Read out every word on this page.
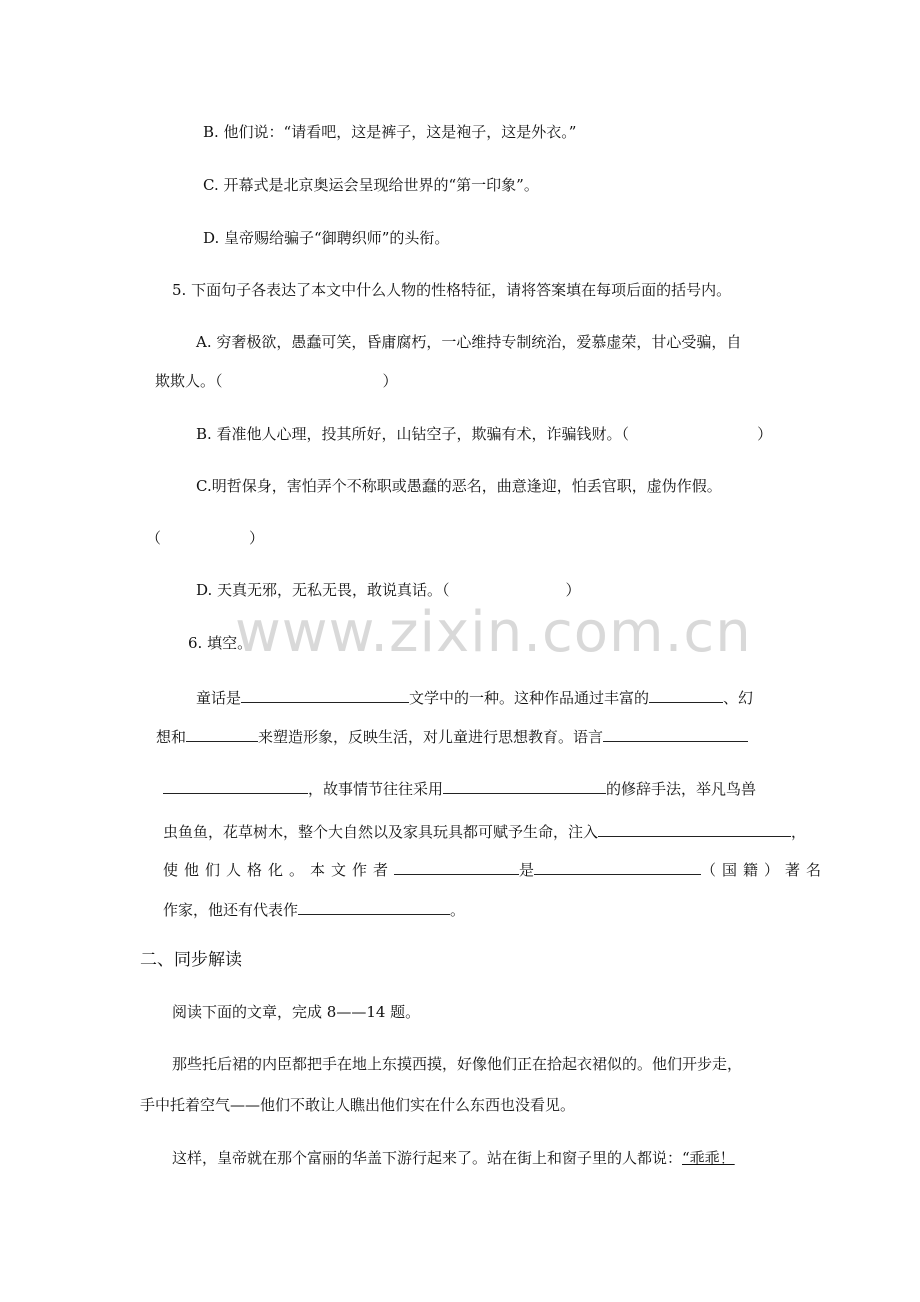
B. 他们说：“请看吧，这是裤子，这是袍子，这是外衣。”
C. 开幕式是北京奥运会呈现给世界的“第一印象”。
D. 皇帝赐给骗子“御聘织师”的头衔。
5. 下面句子各表达了本文中什么人物的性格特征，请将答案填在每项后面的括号内。
A. 穷奢极欲，愚蠢可笑，昏庸腐朽，一心维持专制统治，爱慕虚荣，甘心受骗，自
欺欺人。（	）
B. 看准他人心理，投其所好，山钻空子，欺骗有术，诈骗钱财。（	）
C.明哲保身，害怕弄个不称职或愚蠢的恶名，曲意逢迎，怕丢官职，虚伪作假。
（	）
D. 天真无邪，无私无畏，敢说真话。（	）
www.zixin.com.cn
6. 填空。
童话是	文学中的一种。这种作品通过丰富的	、幻
想和	来塑造形象，反映生活，对儿童进行思想教育。语言
，故事情节往往采用	的修辞手法，举凡鸟兽
虫鱼鱼，花草树木，整个大自然以及家具玩具都可赋予生命，注入	，
使他们人格化。本文作者	是	（国籍）著名
作家，他还有代表作	。
二、同步解读
阅读下面的文章，完成 8——14 题。
那些托后裙的内臣都把手在地上东摸西摸，好像他们正在拾起衣裙似的。他们开步走，
手中托着空气——他们不敢让人瞧出他们实在什么东西也没看见。
这样，皇帝就在那个富丽的华盖下游行起来了。站在街上和窗子里的人都说：“乖乖！
